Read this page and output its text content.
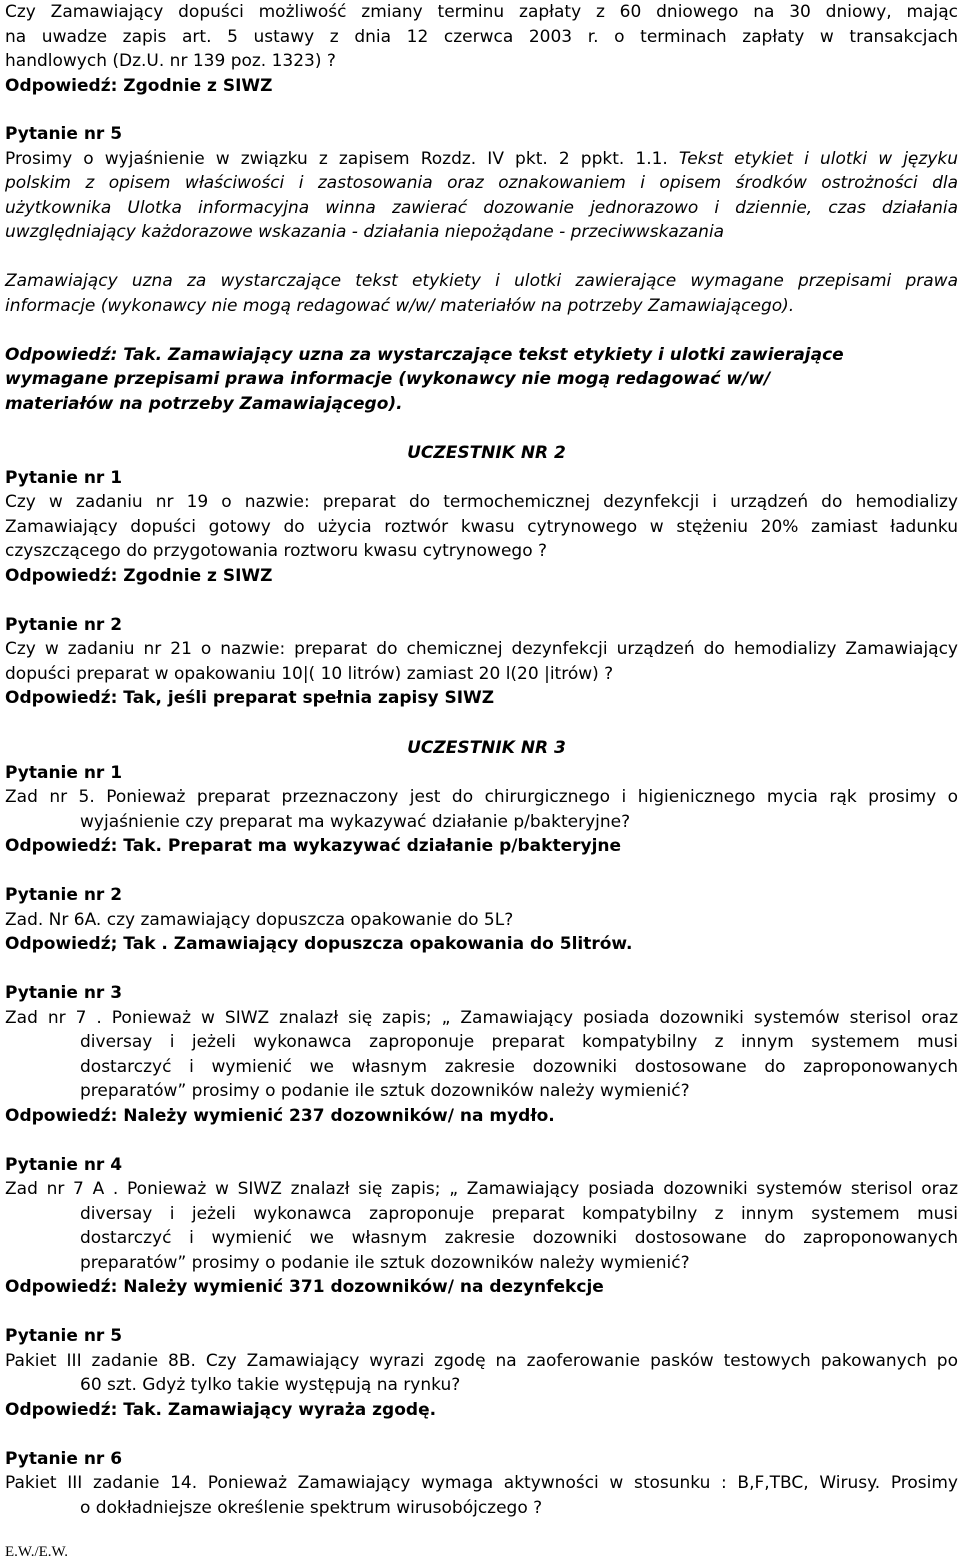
Czy Zamawiający dopuści możliwość zmiany terminu zapłaty z 60 dniowego na 30 dniowy, mając

na uwadze zapis art. 5 ustawy z dnia 12 czerwca 2003 r. o terminach zapłaty w transakcjach

handlowych (Dz.U. nr 139 poz. 1323) ?

Odpowiedź: Zgodnie z SIWZ

Pytanie nr 5

Prosimy o wyjaśnienie w związku z zapisem Rozdz. IV pkt. 2 ppkt. 1.1. Tekst etykiet i ulotki w języku

polskim z opisem właściwości i zastosowania oraz oznakowaniem i opisem środków ostrożności dla

użytkownika Ulotka informacyjna winna zawierać dozowanie jednorazowo i dziennie, czas działania

uwzględniający każdorazowe wskazania - działania niepożądane - przeciwwskazania

Zamawiający uzna za wystarczające tekst etykiety i ulotki zawierające wymagane przepisami prawa

informacje (wykonawcy nie mogą redagować w/w/ materiałów na potrzeby Zamawiającego).

Odpowiedź: Tak. Zamawiający uzna za wystarczające tekst etykiety i ulotki zawierające

wymagane przepisami prawa informacje (wykonawcy nie mogą redagować w/w/

materiałów na potrzeby Zamawiającego).

UCZESTNIK NR 2

Pytanie nr 1

Czy w zadaniu nr 19 o nazwie: preparat do termochemicznej dezynfekcji i urządzeń do hemodializy

Zamawiający dopuści gotowy do użycia roztwór kwasu cytrynowego w stężeniu 20% zamiast ładunku

czyszczącego do przygotowania roztworu kwasu cytrynowego ?

Odpowiedź: Zgodnie z SIWZ

Pytanie nr 2

Czy w zadaniu nr 21 o nazwie: preparat do chemicznej dezynfekcji urządzeń do hemodializy Zamawiający

dopuści preparat w opakowaniu 10|( 10 litrów) zamiast 20 l(20 |itrów) ?

Odpowiedź: Tak, jeśli preparat spełnia zapisy SIWZ

UCZESTNIK NR 3

Pytanie nr 1

Zad nr 5. Ponieważ preparat przeznaczony jest do chirurgicznego i higienicznego mycia rąk prosimy o

wyjaśnienie czy preparat ma wykazywać działanie p/bakteryjne?

Odpowiedź: Tak. Preparat ma wykazywać działanie p/bakteryjne

Pytanie nr 2

Zad. Nr 6A. czy zamawiający dopuszcza opakowanie do 5L?

Odpowiedź; Tak . Zamawiający dopuszcza opakowania do 5litrów.

Pytanie nr 3

Zad nr 7 . Ponieważ w SIWZ znalazł się zapis; „ Zamawiający posiada dozowniki systemów sterisol oraz

diversay i jeżeli wykonawca zaproponuje preparat kompatybilny z innym systemem musi

dostarczyć i wymienić we własnym zakresie dozowniki dostosowane do zaproponowanych

preparatów” prosimy o podanie ile sztuk dozowników należy wymienić?

Odpowiedź: Należy wymienić 237 dozowników/ na mydło.

Pytanie nr 4

Zad nr 7 A . Ponieważ w SIWZ znalazł się zapis; „ Zamawiający posiada dozowniki systemów sterisol oraz

diversay i jeżeli wykonawca zaproponuje preparat kompatybilny z innym systemem musi

dostarczyć i wymienić we własnym zakresie dozowniki dostosowane do zaproponowanych

preparatów” prosimy o podanie ile sztuk dozowników należy wymienić?

Odpowiedź: Należy wymienić 371 dozowników/ na dezynfekcje

Pytanie nr 5

Pakiet III zadanie 8B. Czy Zamawiający wyrazi zgodę na zaoferowanie pasków testowych pakowanych po

60 szt. Gdyż tylko takie występują na rynku?

Odpowiedź: Tak. Zamawiający wyraża zgodę.

Pytanie nr 6

Pakiet III zadanie 14. Ponieważ Zamawiający wymaga aktywności w stosunku : B,F,TBC, Wirusy. Prosimy

o dokładniejsze określenie spektrum wirusobójczego ?

E.W./E.W.
